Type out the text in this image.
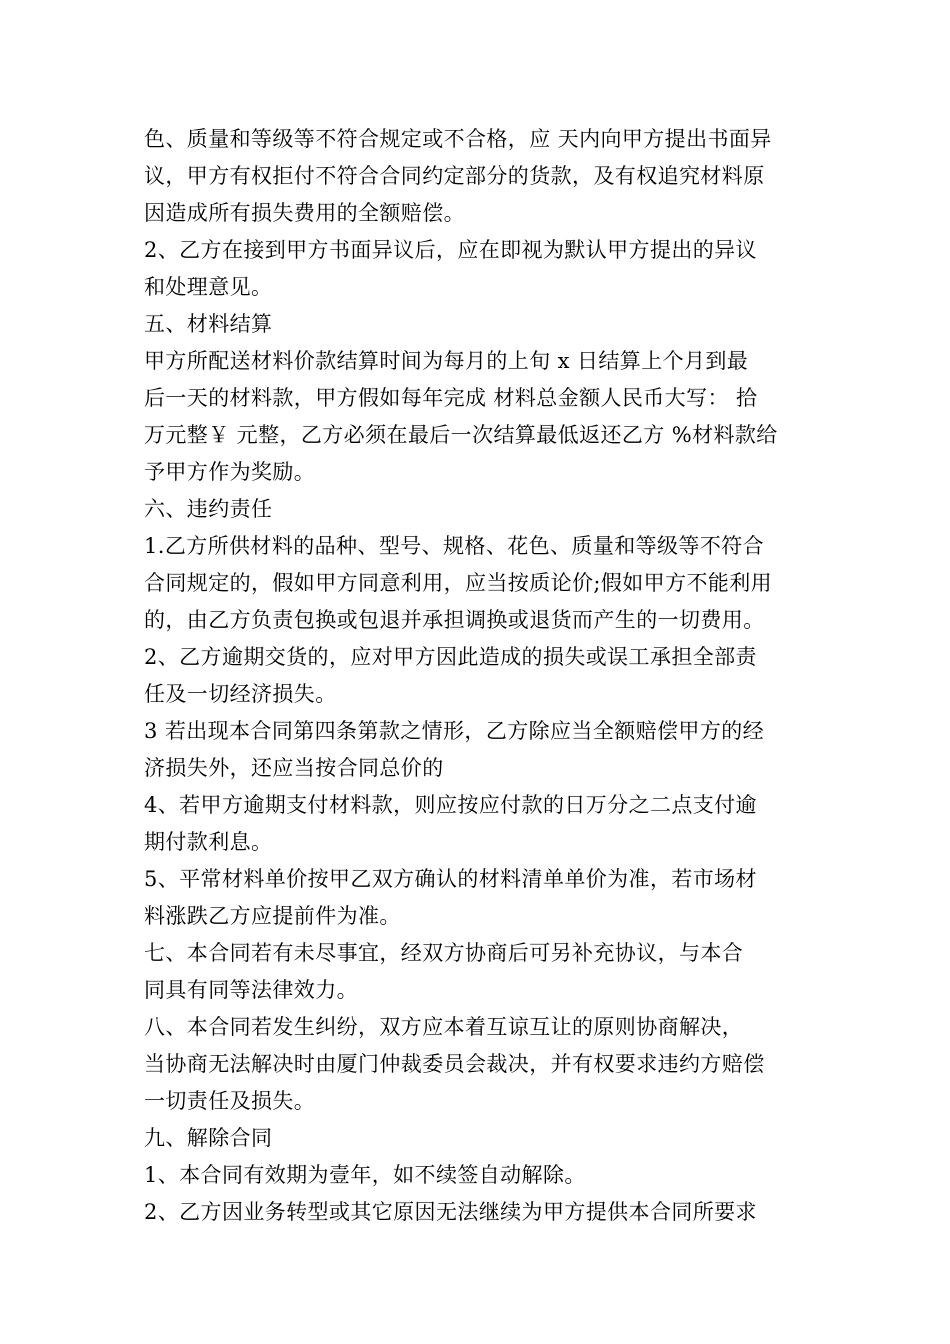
色、质量和等级等不符合规定或不合格，应 天内向甲方提出书面异
议，甲方有权拒付不符合合同约定部分的货款，及有权追究材料原
因造成所有损失费用的全额赔偿。
2、乙方在接到甲方书面异议后，应在即视为默认甲方提出的异议
和处理意见。
五、材料结算
甲方所配送材料价款结算时间为每月的上旬 x 日结算上个月到最
后一天的材料款，甲方假如每年完成 材料总金额人民币大写： 拾
万元整￥ 元整，乙方必须在最后一次结算最低返还乙方 %材料款给
予甲方作为奖励。
六、违约责任
1.乙方所供材料的品种、型号、规格、花色、质量和等级等不符合
合同规定的，假如甲方同意利用，应当按质论价;假如甲方不能利用
的，由乙方负责包换或包退并承担调换或退货而产生的一切费用。
2、乙方逾期交货的，应对甲方因此造成的损失或误工承担全部责
任及一切经济损失。
3 若出现本合同第四条第款之情形，乙方除应当全额赔偿甲方的经
济损失外，还应当按合同总价的
4、若甲方逾期支付材料款，则应按应付款的日万分之二点支付逾
期付款利息。
5、平常材料单价按甲乙双方确认的材料清单单价为准，若市场材
料涨跌乙方应提前件为准。
七、本合同若有未尽事宜，经双方协商后可另补充协议，与本合
同具有同等法律效力。
八、本合同若发生纠纷，双方应本着互谅互让的原则协商解决，
当协商无法解决时由厦门仲裁委员会裁决，并有权要求违约方赔偿
一切责任及损失。
九、解除合同
1、本合同有效期为壹年，如不续签自动解除。
2、乙方因业务转型或其它原因无法继续为甲方提供本合同所要求
